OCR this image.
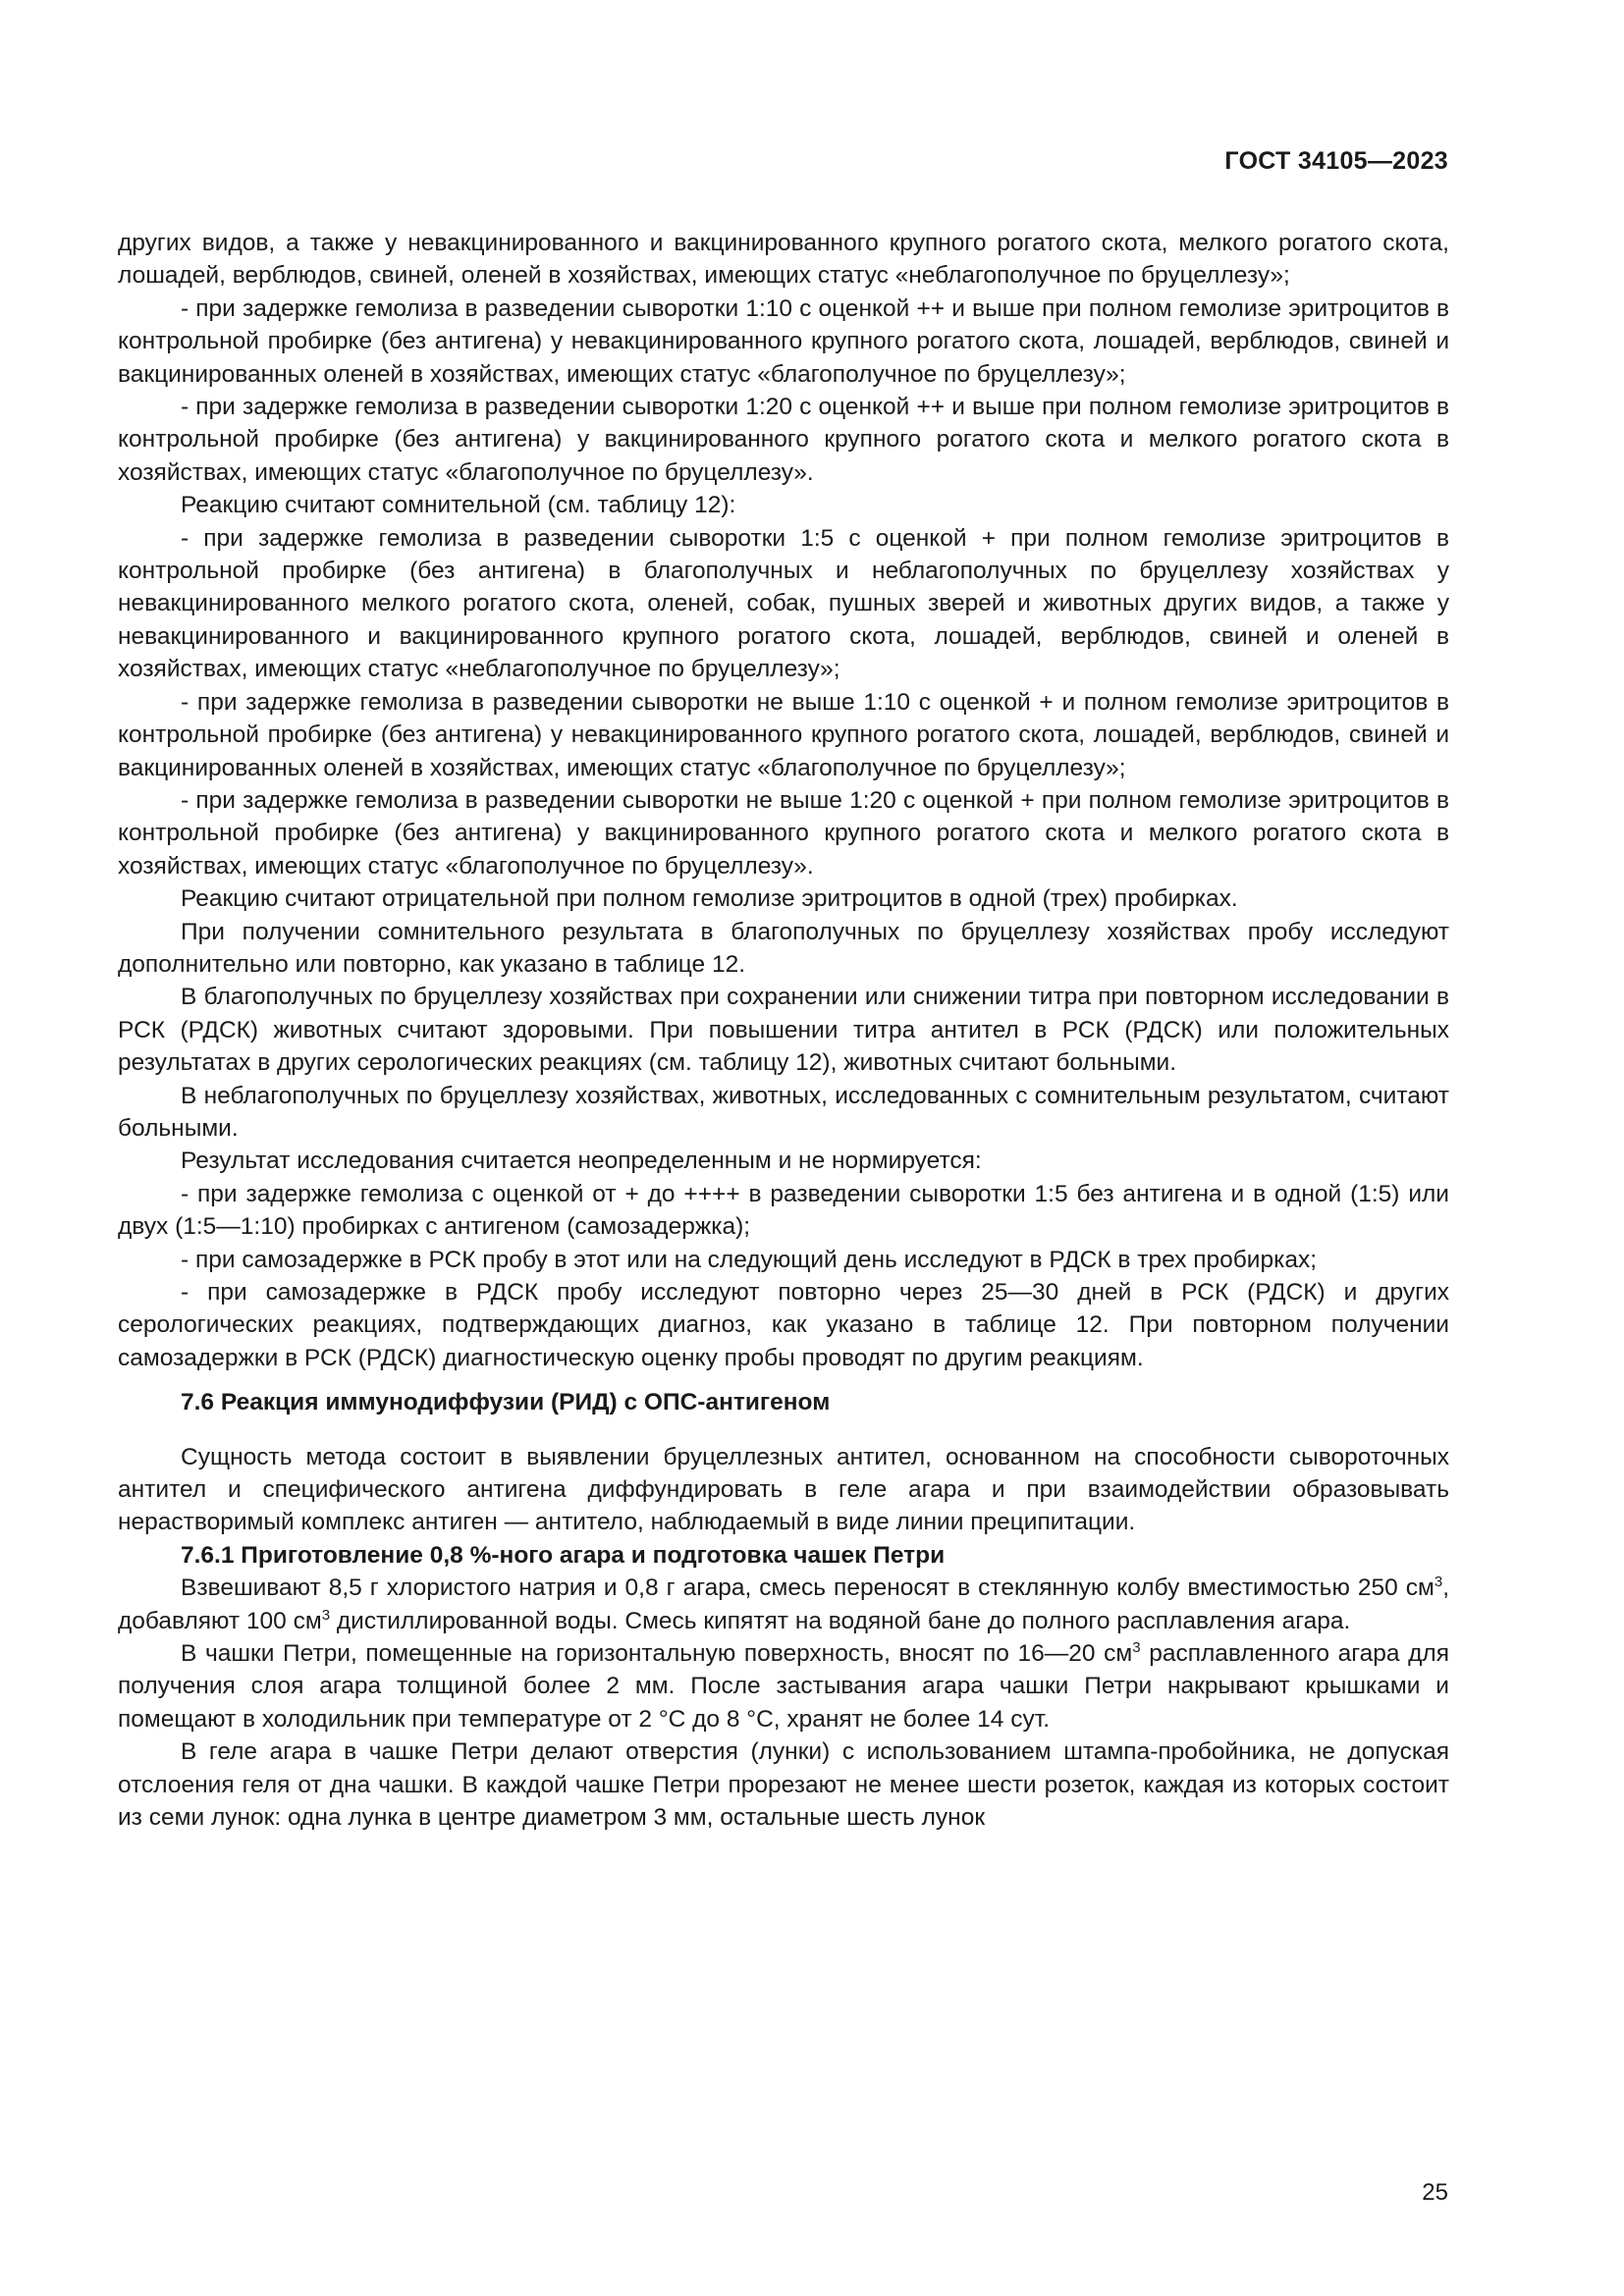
ГОСТ 34105—2023

других видов, а также у невакцинированного и вакцинированного крупного рогатого скота, мелкого рогатого скота, лошадей, верблюдов, свиней, оленей в хозяйствах, имеющих статус «неблагополучное по бруцеллезу»;

- при задержке гемолиза в разведении сыворотки 1:10 с оценкой ++ и выше при полном гемолизе эритроцитов в контрольной пробирке (без антигена) у невакцинированного крупного рогатого скота, лошадей, верблюдов, свиней и вакцинированных оленей в хозяйствах, имеющих статус «благополучное по бруцеллезу»;

- при задержке гемолиза в разведении сыворотки 1:20 с оценкой ++ и выше при полном гемолизе эритроцитов в контрольной пробирке (без антигена) у вакцинированного крупного рогатого скота и мелкого рогатого скота в хозяйствах, имеющих статус «благополучное по бруцеллезу».

Реакцию считают сомнительной (см. таблицу 12):

- при задержке гемолиза в разведении сыворотки 1:5 с оценкой + при полном гемолизе эритроцитов в контрольной пробирке (без антигена) в благополучных и неблагополучных по бруцеллезу хозяйствах у невакцинированного мелкого рогатого скота, оленей, собак, пушных зверей и животных других видов, а также у невакцинированного и вакцинированного крупного рогатого скота, лошадей, верблюдов, свиней и оленей в хозяйствах, имеющих статус «неблагополучное по бруцеллезу»;

- при задержке гемолиза в разведении сыворотки не выше 1:10 с оценкой + и полном гемолизе эритроцитов в контрольной пробирке (без антигена) у невакцинированного крупного рогатого скота, лошадей, верблюдов, свиней и вакцинированных оленей в хозяйствах, имеющих статус «благополучное по бруцеллезу»;

- при задержке гемолиза в разведении сыворотки не выше 1:20 с оценкой + при полном гемолизе эритроцитов в контрольной пробирке (без антигена) у вакцинированного крупного рогатого скота и мелкого рогатого скота в хозяйствах, имеющих статус «благополучное по бруцеллезу».

Реакцию считают отрицательной при полном гемолизе эритроцитов в одной (трех) пробирках.

При получении сомнительного результата в благополучных по бруцеллезу хозяйствах пробу исследуют дополнительно или повторно, как указано в таблице 12.

В благополучных по бруцеллезу хозяйствах при сохранении или снижении титра при повторном исследовании в РСК (РДСК) животных считают здоровыми. При повышении титра антител в РСК (РДСК) или положительных результатах в других серологических реакциях (см. таблицу 12), животных считают больными.

В неблагополучных по бруцеллезу хозяйствах, животных, исследованных с сомнительным результатом, считают больными.

Результат исследования считается неопределенным и не нормируется:

- при задержке гемолиза с оценкой от + до ++++ в разведении сыворотки 1:5 без антигена и в одной (1:5) или двух (1:5—1:10) пробирках с антигеном (самозадержка);

- при самозадержке в РСК пробу в этот или на следующий день исследуют в РДСК в трех пробирках;

- при самозадержке в РДСК пробу исследуют повторно через 25—30 дней в РСК (РДСК) и других серологических реакциях, подтверждающих диагноз, как указано в таблице 12. При повторном получении самозадержки в РСК (РДСК) диагностическую оценку пробы проводят по другим реакциям.

7.6 Реакция иммунодиффузии (РИД) с ОПС-антигеном

Сущность метода состоит в выявлении бруцеллезных антител, основанном на способности сывороточных антител и специфического антигена диффундировать в геле агара и при взаимодействии образовывать нерастворимый комплекс антиген — антитело, наблюдаемый в виде линии преципитации.

7.6.1 Приготовление 0,8 %-ного агара и подготовка чашек Петри

Взвешивают 8,5 г хлористого натрия и 0,8 г агара, смесь переносят в стеклянную колбу вместимостью 250 $см^3$, добавляют 100 $см^3$ дистиллированной воды. Смесь кипятят на водяной бане до полного расплавления агара.

В чашки Петри, помещенные на горизонтальную поверхность, вносят по 16—20 $см^3$ расплавленного агара для получения слоя агара толщиной более 2 мм. После застывания агара чашки Петри накрывают крышками и помещают в холодильник при температуре от 2 °С до 8 °С, хранят не более 14 сут.

В геле агара в чашке Петри делают отверстия (лунки) с использованием штампа-пробойника, не допуская отслоения геля от дна чашки. В каждой чашке Петри прорезают не менее шести розеток, каждая из которых состоит из семи лунок: одна лунка в центре диаметром 3 мм, остальные шесть лунок

25
